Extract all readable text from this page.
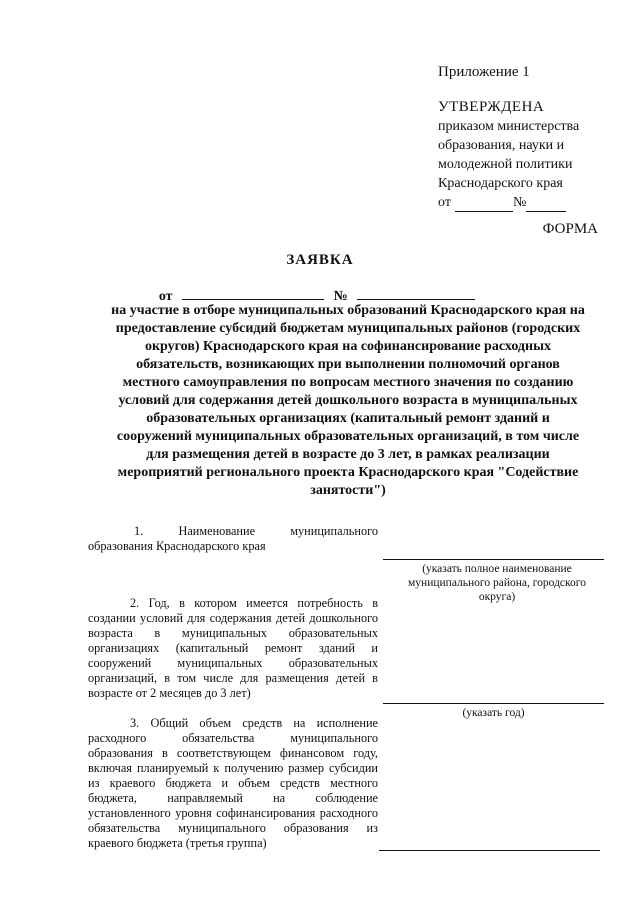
Приложение 1
УТВЕРЖДЕНА
приказом министерства
образования, науки и
молодежной политики
Краснодарского края
от	№
ФОРМА
ЗАЯВКА
от	№
на участие в отборе муниципальных образований Краснодарского края на предоставление субсидий бюджетам муниципальных районов (городских округов) Краснодарского края на софинансирование расходных обязательств, возникающих при выполнении полномочий органов местного самоуправления по вопросам местного значения по созданию условий для содержания детей дошкольного возраста в муниципальных образовательных организациях (капитальный ремонт зданий и сооружений муниципальных образовательных организаций, в том числе для размещения детей в возрасте до 3 лет, в рамках реализации мероприятий регионального проекта Краснодарского края "Содействие занятости")
1.	Наименование муниципального образования Краснодарского края
(указать полное наименование муниципального района, городского округа)
2. Год, в котором имеется потребность в создании условий для содержания детей дошкольного возраста в муниципальных образовательных организациях (капитальный ремонт зданий и сооружений муниципальных образовательных организаций, в том числе для размещения детей в возрасте от 2 месяцев до 3 лет)
(указать год)
3. Общий объем средств на исполнение расходного обязательства муниципального образования в соответствующем финансовом году, включая планируемый к получению размер субсидии из краевого бюджета и объем средств местного бюджета, направляемый на соблюдение установленного уровня софинансирования расходного обязательства муниципального образования из краевого бюджета (третья группа)
